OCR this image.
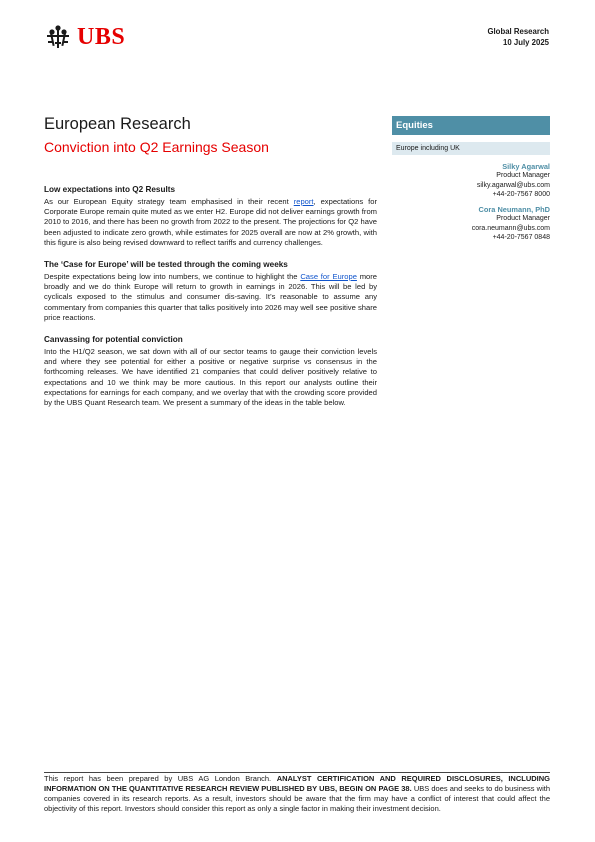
UBS	Global Research
10 July 2025
European Research
Conviction into Q2 Earnings Season
Equities
Europe including UK
Silky Agarwal
Product Manager
silky.agarwal@ubs.com
+44-20-7567 8000
Cora Neumann, PhD
Product Manager
cora.neumann@ubs.com
+44-20-7567 0848
Low expectations into Q2 Results

As our European Equity strategy team emphasised in their recent report, expectations for Corporate Europe remain quite muted as we enter H2. Europe did not deliver earnings growth from 2010 to 2016, and there has been no growth from 2022 to the present. The projections for Q2 have been adjusted to indicate zero growth, while estimates for 2025 overall are now at 2% growth, with this figure is also being revised downward to reflect tariffs and currency challenges.

The ‘Case for Europe’ will be tested through the coming weeks

Despite expectations being low into numbers, we continue to highlight the Case for Europe more broadly and we do think Europe will return to growth in earnings in 2026. This will be led by cyclicals exposed to the stimulus and consumer dis-saving. It’s reasonable to assume any commentary from companies this quarter that talks positively into 2026 may well see positive share price reactions.

Canvassing for potential conviction

Into the H1/Q2 season, we sat down with all of our sector teams to gauge their conviction levels and where they see potential for either a positive or negative surprise vs consensus in the forthcoming releases. We have identified 21 companies that could deliver positively relative to expectations and 10 we think may be more cautious. In this report our analysts outline their expectations for earnings for each company, and we overlay that with the crowding score provided by the UBS Quant Research team. We present a summary of the ideas in the table below.

This report has been prepared by UBS AG London Branch. ANALYST CERTIFICATION AND REQUIRED DISCLOSURES, INCLUDING INFORMATION ON THE QUANTITATIVE RESEARCH REVIEW PUBLISHED BY UBS, BEGIN ON PAGE 38. UBS does and seeks to do business with companies covered in its research reports. As a result, investors should be aware that the firm may have a conflict of interest that could affect the objectivity of this report. Investors should consider this report as only a single factor in making their investment decision.
